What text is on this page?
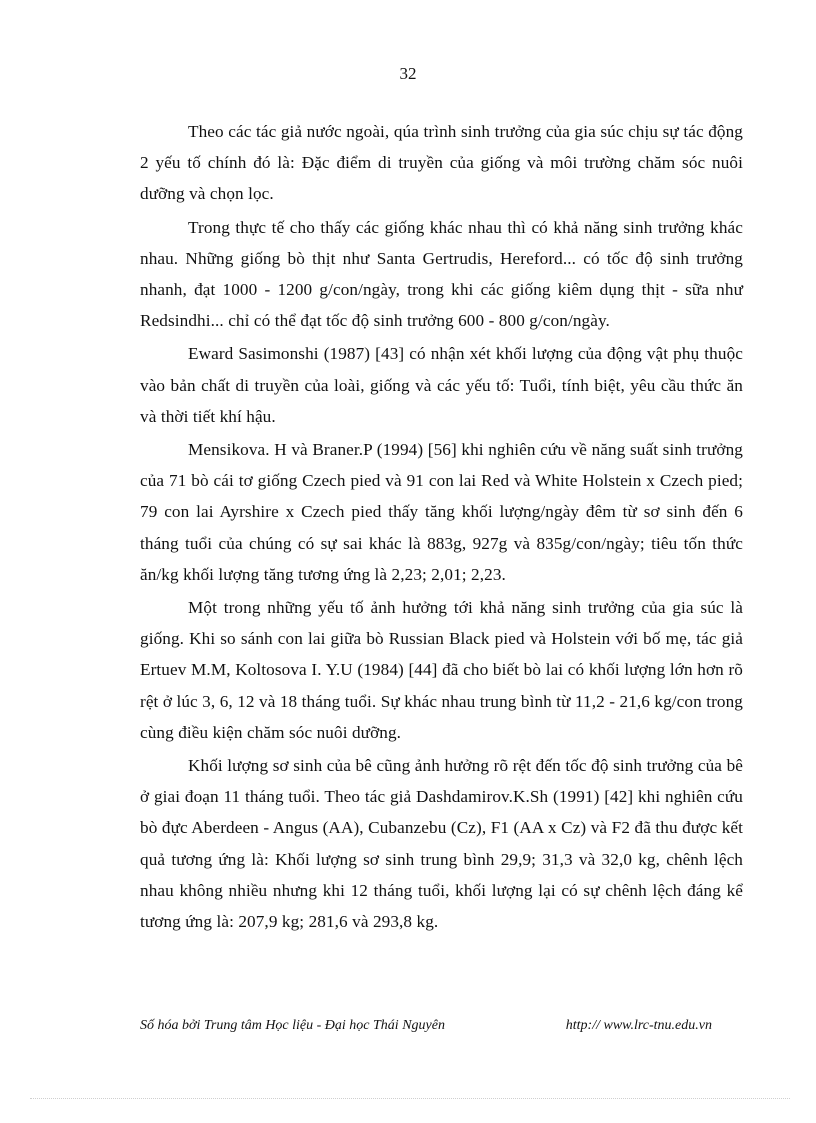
32

Theo các tác giả nước ngoài, qúa trình sinh trưởng của gia súc chịu sự tác động 2 yếu tố chính đó là: Đặc điểm di truyền của giống và môi trường chăm sóc nuôi dưỡng và chọn lọc.

Trong thực tế cho thấy các giống khác nhau thì có khả năng sinh trưởng khác nhau. Những giống bò thịt như Santa Gertrudis, Hereford... có tốc độ sinh trưởng nhanh, đạt 1000 - 1200 g/con/ngày, trong khi các giống kiêm dụng thịt - sữa như Redsindhi... chỉ có thể đạt tốc độ sinh trưởng 600 - 800 g/con/ngày.

Eward Sasimonshi (1987) [43] có nhận xét khối lượng của động vật phụ thuộc vào bản chất di truyền của loài, giống và các yếu tố: Tuổi, tính biệt, yêu cầu thức ăn và thời tiết khí hậu.

Mensikova. H và Braner.P (1994) [56] khi nghiên cứu về năng suất sinh trưởng của 71 bò cái tơ giống Czech pied và 91 con lai Red và White Holstein x Czech pied; 79 con lai Ayrshire x Czech pied thấy tăng khối lượng/ngày đêm từ sơ sinh đến 6 tháng tuổi của chúng có sự sai khác là 883g, 927g và 835g/con/ngày; tiêu tốn thức ăn/kg khối lượng tăng tương ứng là 2,23; 2,01; 2,23.

Một trong những yếu tố ảnh hưởng tới khả năng sinh trưởng của gia súc là giống. Khi so sánh con lai giữa bò Russian Black pied và Holstein với bố mẹ, tác giả Ertuev M.M, Koltosova I. Y.U (1984) [44] đã cho biết bò lai có khối lượng lớn hơn rõ rệt ở lúc 3, 6, 12 và 18 tháng tuổi. Sự khác nhau trung bình từ 11,2 - 21,6 kg/con trong cùng điều kiện chăm sóc nuôi dưỡng.

Khối lượng sơ sinh của bê cũng ảnh hưởng rõ rệt đến tốc độ sinh trưởng của bê ở giai đoạn 11 tháng tuổi. Theo tác giả Dashdamirov.K.Sh (1991) [42] khi nghiên cứu bò đực Aberdeen - Angus (AA), Cubanzebu (Cz), F1 (AA x Cz) và F2 đã thu được kết quả tương ứng là: Khối lượng sơ sinh trung bình 29,9; 31,3 và 32,0 kg, chênh lệch nhau không nhiều nhưng khi 12 tháng tuổi, khối lượng lại có sự chênh lệch đáng kể tương ứng là: 207,9 kg; 281,6 và 293,8 kg.

Số hóa bởi Trung tâm Học liệu - Đại học Thái Nguyên	http:// www.lrc-tnu.edu.vn
